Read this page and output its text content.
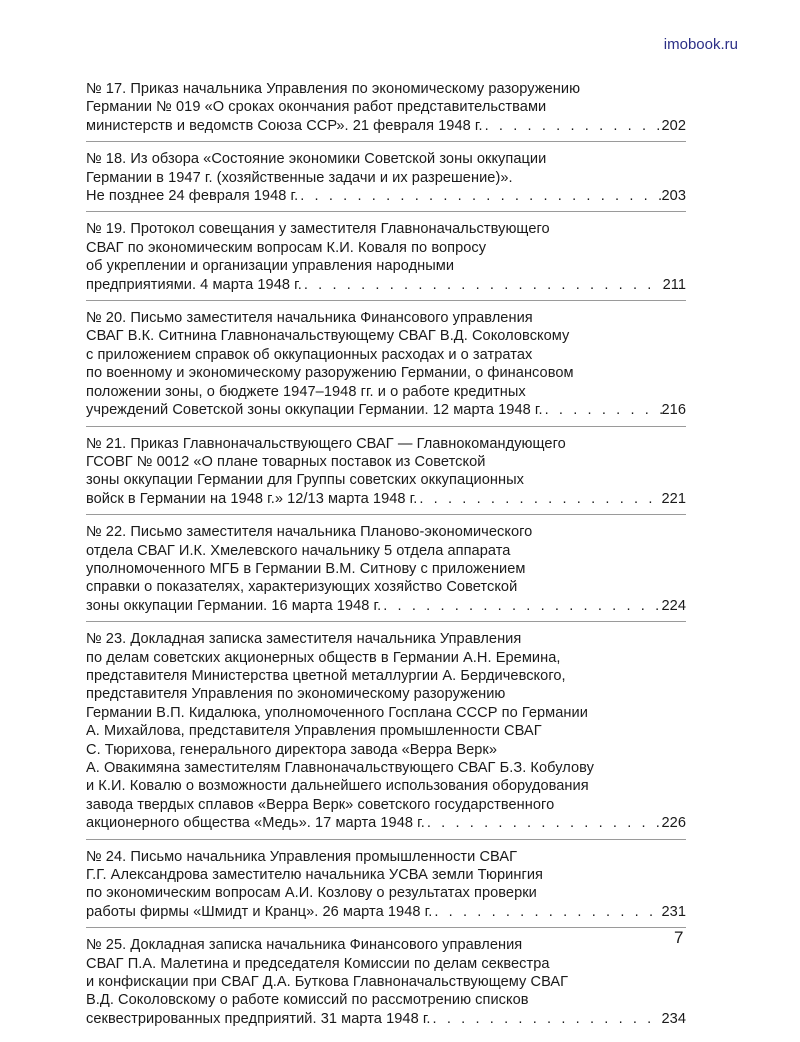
imobook.ru
№ 17. Приказ начальника Управления по экономическому разоружению
Германии № 019 «О сроках окончания работ представительствами
министерств и ведомств Союза ССР». 21 февраля 1948 г. . . .	202
№ 18. Из обзора «Состояние экономики Советской зоны оккупации
Германии в 1947 г. (хозяйственные задачи и их разрешение)».
Не позднее 24 февраля 1948 г. . . .	203
№ 19. Протокол совещания у заместителя Главноначальствующего
СВАГ по экономическим вопросам К.И. Коваля по вопросу
об укреплении и организации управления народными
предприятиями. 4 марта 1948 г. . . .	211
№ 20. Письмо заместителя начальника Финансового управления
СВАГ В.К. Ситнина Главноначальствующему СВАГ В.Д. Соколовскому
с приложением справок об оккупационных расходах и о затратах
по военному и экономическому разоружению Германии, о финансовом
положении зоны, о бюджете 1947–1948 гг. и о работе кредитных
учреждений Советской зоны оккупации Германии. 12 марта 1948 г. . . .	216
№ 21. Приказ Главноначальствующего СВАГ — Главнокомандующего
ГСОВГ № 0012 «О плане товарных поставок из Советской
зоны оккупации Германии для Группы советских оккупационных
войск в Германии на 1948 г.» 12/13 марта 1948 г. . . .	221
№ 22. Письмо заместителя начальника Планово-экономического
отдела СВАГ И.К. Хмелевского начальнику 5 отдела аппарата
уполномоченного МГБ в Германии В.М. Ситнову с приложением
справки о показателях, характеризующих хозяйство Советской
зоны оккупации Германии. 16 марта 1948 г. . . .	224
№ 23. Докладная записка заместителя начальника Управления
по делам советских акционерных обществ в Германии А.Н. Еремина,
представителя Министерства цветной металлургии А. Бердичевского,
представителя Управления по экономическому разоружению
Германии В.П. Кидалюка, уполномоченного Госплана СССР по Германии
А. Михайлова, представителя Управления промышленности СВАГ
С. Тюрихова, генерального директора завода «Верра Верк»
А. Овакимяна заместителям Главноначальствующего СВАГ Б.З. Кобулову
и К.И. Ковалю о возможности дальнейшего использования оборудования
завода твердых сплавов «Верра Верк» советского государственного
акционерного общества «Медь». 17 марта 1948 г. . . .	226
№ 24. Письмо начальника Управления промышленности СВАГ
Г.Г. Александрова заместителю начальника УСВА земли Тюрингия
по экономическим вопросам А.И. Козлову о результатах проверки
работы фирмы «Шмидт и Кранц». 26 марта 1948 г. . . .	231
№ 25. Докладная записка начальника Финансового управления
СВАГ П.А. Малетина и председателя Комиссии по делам секвестра
и конфискации при СВАГ Д.А. Буткова Главноначальствующему СВАГ
В.Д. Соколовскому о работе комиссий по рассмотрению списков
секвестрированных предприятий. 31 марта 1948 г. . . .	234
7
